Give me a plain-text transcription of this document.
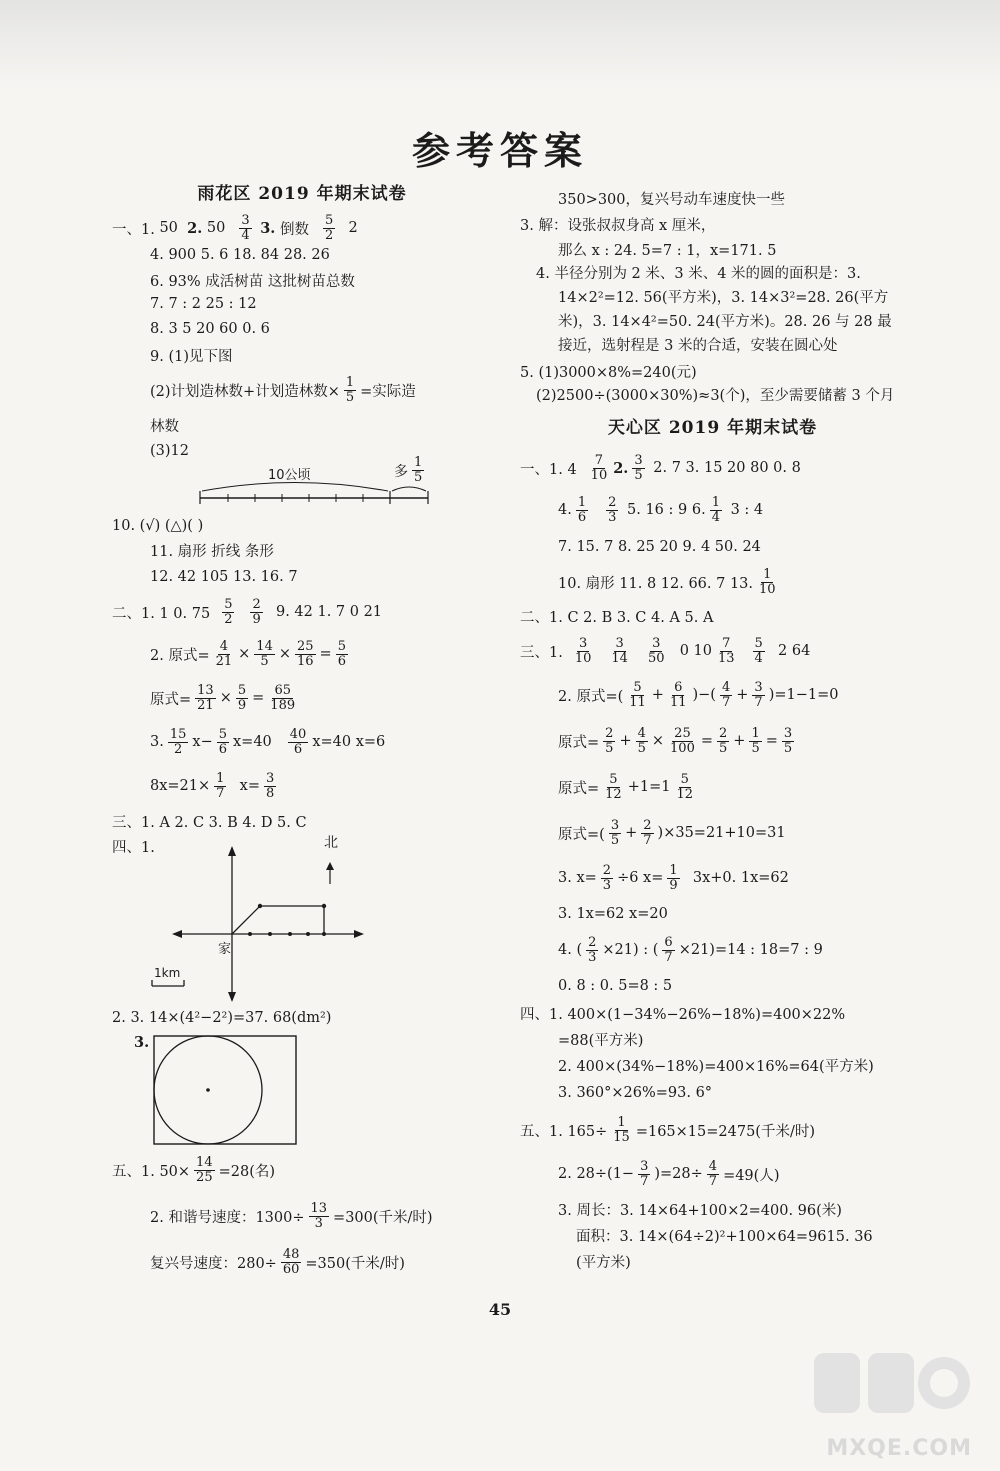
参考答案
雨花区 2019 年期末试卷
一、1.
50
2.
$50 \frac{3}{4}$
3.
倒数 $\frac{5}{2}$
2
4. 900 5. 6 18. 84 28. 26
6. 93% 成活树苗 这批树苗总数
7. 7 : 2 25 : 12
8. 3 5 20 60 0. 6
9. (1)见下图
(2)计划造林数+计划造林数× $\frac{1}{5}$ =实际造
林数
(3)12
10公顷	多 $\frac{1}{5}$
10. (√) (△)( )
11. 扇形 折线 条形
12. 42 105 13. 16. 7
二、1. 1 0. $75 \frac{5}{2} \frac{2}{9}$
9. 42 1. 7 0 21
2. 原式= $\frac{4}{21} \times \frac{14}{5} \times \frac{25}{16} = \frac{5}{6}$
原式= $\frac{13}{21} \times \frac{5}{9} = \frac{65}{189}$
3. $\frac{15}{2} x- \frac{5}{6} x=40 \frac{40}{6} x=40$ x=6
$8x=21\times \frac{1}{7}$
$x= \frac{3}{8}$
三、1. A 2. C 3. B 4. D 5. C
四、1.	北
家
1km
2. 3. 14×(4²−2²)=37. 68(dm²)
3.
五、1. $50\times \frac{14}{25} =28$(名)
2. 和谐号速度：$1300\div \frac{13}{3} =300$(千米/时)
复兴号速度：$280\div \frac{48}{60} =350$(千米/时)
350>300，复兴号动车速度快一些
3. 解：设张叔叔身高 x 厘米，
那么 x : 24. 5=7 : 1，x=171. 5
4. 半径分别为 2 米、3 米、4 米的圆的面积是：3. 14×2²=12. 56(平方米)，3. 14×3²=28. 26(平方米)，3. 14×4²=50. 24(平方米)。28. 26 与 28 最接近，选射程是 3 米的合适，安装在圆心处
5. (1)3000×8%=240(元)
(2)2500÷(3000×30%)≈3(个)，至少需要储蓄 3 个月
天心区 2019 年期末试卷
一、1. $4 \frac{7}{10} 2$. $\frac{3}{5}$
2. 7 3. 15 20 80 0. 8
4. $\frac{1}{6} \frac{2}{3}$
5. 16 : 9 6. $\frac{1}{4}$
3 : 4
7. 15. 7 8. 25 20 9. 4 50. 24
10. 扇形 11. 8 12. 66. 7 13. $\frac{1}{10}$
二、1. C 2. B 3. C 4. A 5. A
三、1. $\frac{3}{10} \frac{3}{14} \frac{3}{50}$
0 $10 \frac{7}{13} \frac{5}{4}$
2 64
2. 原式=( $\frac{5}{11} + \frac{6}{11}$ )−( $\frac{4}{7} + \frac{3}{7} )=1-1=0$
原式= $\frac{2}{5} + \frac{4}{5} \times \frac{25}{100} = \frac{2}{5} + \frac{1}{5} = \frac{3}{5}$
原式= $\frac{5}{12} +1=1 \frac{5}{12}$
原式=( $\frac{3}{5} + \frac{2}{7} )\times 35=21+10=31$
3. $x= \frac{2}{3} \div 6$ $x= \frac{1}{9}$
3x+0. 1x=62
3. 1x=62 x=20
4. ( $\frac{2}{3} \times 21$) : ( $\frac{6}{7} \times 21)=14$ : 18=7 : 9
0. 8 : 0. 5=8 : 5
四、1. 400×(1−34%−26%−18%)=400×22%
=88(平方米)
2. 400×(34%−18%)=400×16%=64(平方米)
3. 360°×26%=93. 6°
五、1. $165\div \frac{1}{15} =165\times 15=2475$(千米/时)
2. $28\div(1- \frac{3}{7} )=28\div \frac{4}{7} =49$(人)
3. 周长：3. 14×64+100×2=400. 96(米)
面积：3. 14×(64÷2)²+100×64=9615. 36
(平方米)
45
MXQE.COM
